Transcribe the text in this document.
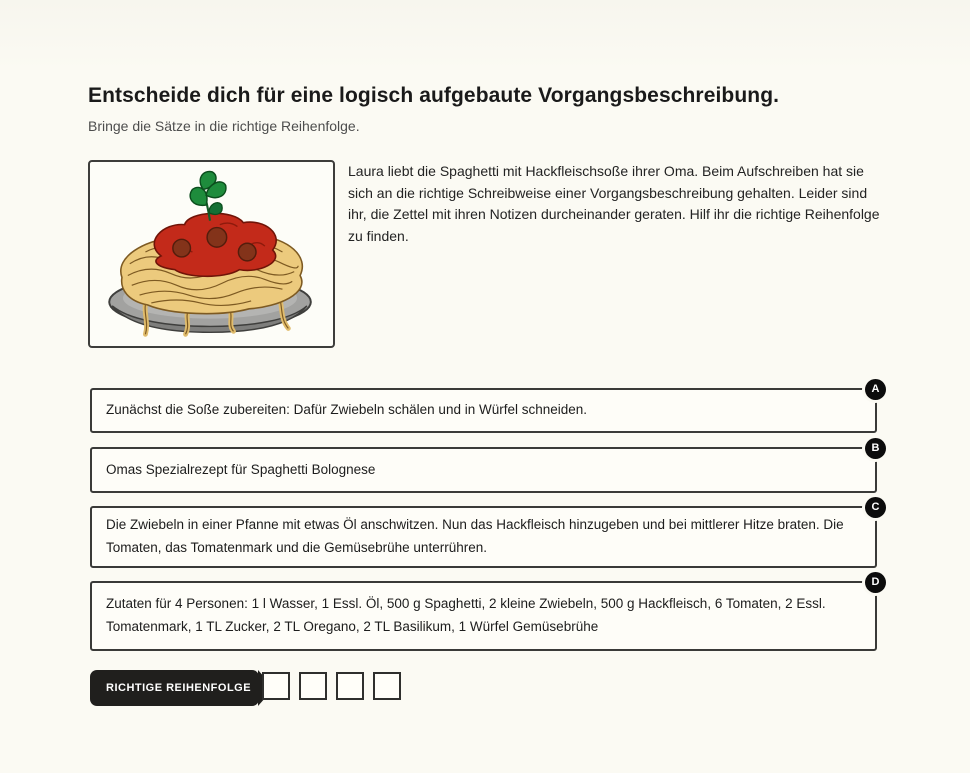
Entscheide dich für eine logisch aufgebaute Vorgangsbeschreibung.
Bringe die Sätze in die richtige Reihenfolge.

Laura liebt die Spaghetti mit Hackfleischsoße ihrer Oma. Beim Aufschreiben hat sie sich an die richtige Schreibweise einer Vorgangsbeschreibung gehalten. Leider sind ihr, die Zettel mit ihren Notizen durcheinander geraten. Hilf ihr die richtige Reihenfolge zu finden.

Zunächst die Soße zubereiten: Dafür Zwiebeln schälen und in Würfel schneiden.
A
Omas Spezialrezept für Spaghetti Bolognese
B
Die Zwiebeln in einer Pfanne mit etwas Öl anschwitzen. Nun das Hackfleisch hinzugeben und bei mittlerer Hitze braten. Die Tomaten, das Tomatenmark und die Gemüsebrühe unterrühren.
C
Zutaten für 4 Personen: 1 l Wasser, 1 Essl. Öl, 500 g Spaghetti, 2 kleine Zwiebeln, 500 g Hackfleisch, 6 Tomaten, 2 Essl. Tomatenmark, 1 TL Zucker, 2 TL Oregano, 2 TL Basilikum, 1 Würfel Gemüsebrühe
D
RICHTIGE REIHENFOLGE
